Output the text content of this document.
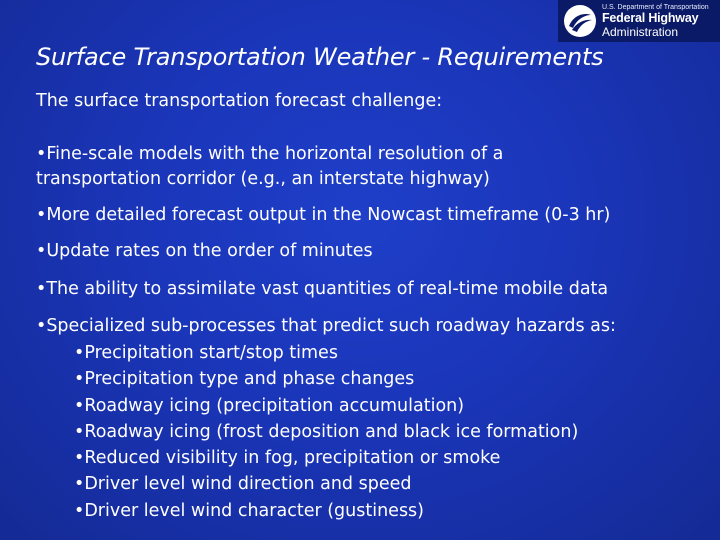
U.S. Department of Transportation
Federal Highway
Administration
Surface Transportation Weather - Requirements
The surface transportation forecast challenge:
•Fine-scale models with the horizontal resolution of a
transportation corridor (e.g., an interstate highway)
•More detailed forecast output in the Nowcast timeframe (0-3 hr)
•Update rates on the order of minutes
•The ability to assimilate vast quantities of real-time mobile data
•Specialized sub-processes that predict such roadway hazards as:
•Precipitation start/stop times
•Precipitation type and phase changes
•Roadway icing (precipitation accumulation)
•Roadway icing (frost deposition and black ice formation)
•Reduced visibility in fog, precipitation or smoke
•Driver level wind direction and speed
•Driver level wind character (gustiness)
